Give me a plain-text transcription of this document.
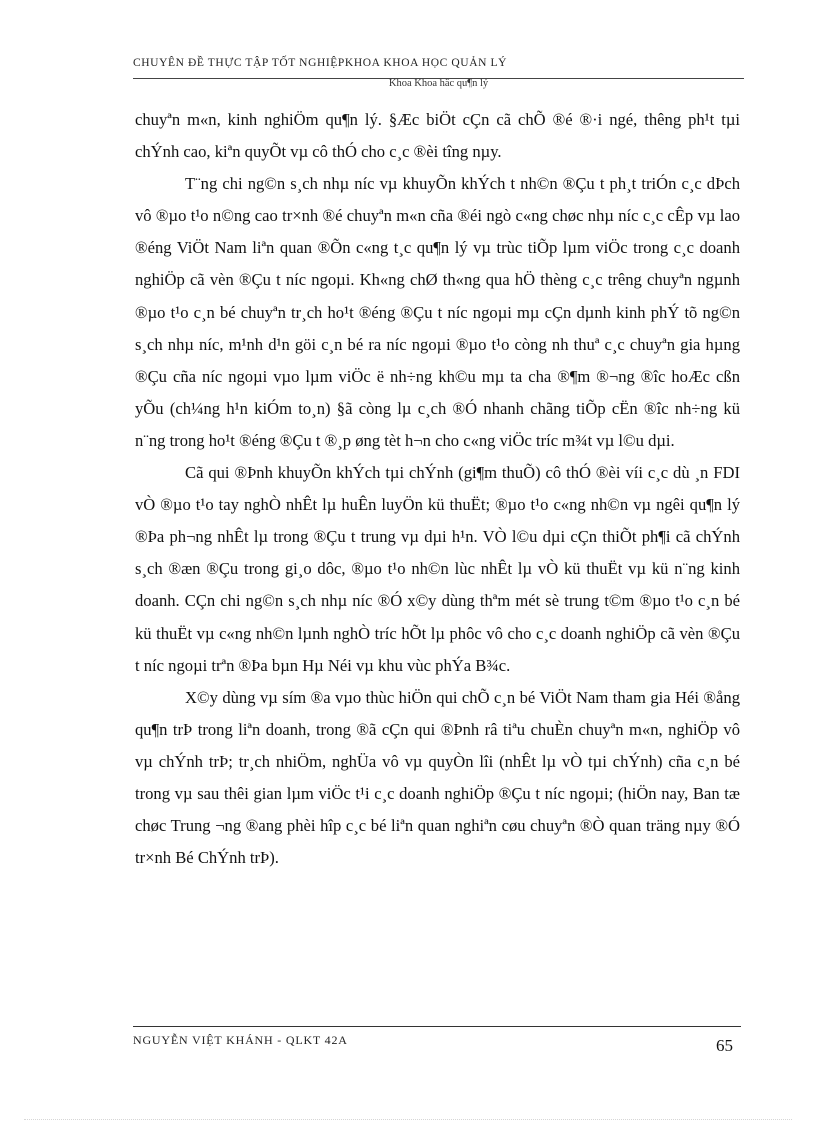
CHUYÊN ĐỀ THỰC TẬP TỐT NGHIỆPKHOA KHOA HỌC QUẢN LÝ
Khoa Khoa häc qu¶n lý

chuyªn m«n, kinh nghiÖm qu¶n lý. §Æc biÖt cÇn cã chÕ ®é ®·i ngé, thêng ph¹t tµi chÝnh cao, kiªn quyÕt vµ cô thÓ cho c¸c ®èi tîng nµy.

T¨ng chi ng©n s¸ch nhµ níc vµ khuyÕn khÝch t nh©n ®Çu t ph¸t triÓn c¸c dÞch vô ®µo t¹o n©ng cao tr×nh ®é chuyªn m«n cña ®éi ngò c«ng chøc nhµ níc c¸c cÊp vµ lao ®éng ViÖt Nam liªn quan ®Õn c«ng t¸c qu¶n lý vµ trùc tiÕp lµm viÖc trong c¸c doanh nghiÖp cã vèn ®Çu t níc ngoµi. Kh«ng chØ th«ng qua hÖ thèng c¸c trêng chuyªn ngµnh ®µo t¹o c¸n bé chuyªn tr¸ch ho¹t ®éng ®Çu t níc ngoµi mµ cÇn dµnh kinh phÝ tõ ng©n s¸ch nhµ níc, m¹nh d¹n göi c¸n bé ra níc ngoµi ®µo t¹o còng nh thuª c¸c chuyªn gia hµng ®Çu cña níc ngoµi vµo lµm viÖc ë nh÷ng kh©u mµ ta cha ®¶m ®¬ng ®îc hoÆc cßn yÕu (ch¼ng h¹n kiÓm to¸n) §ã còng lµ c¸ch ®Ó nhanh chãng tiÕp cËn ®îc nh÷ng kü n¨ng trong ho¹t ®éng ®Çu t ®¸p øng tèt h¬n cho c«ng viÖc tríc m¾t vµ l©u dµi.

Cã qui ®Þnh khuyÕn khÝch tµi chÝnh (gi¶m thuÕ) cô thÓ ®èi víi c¸c dù ¸n FDI vÒ ®µo t¹o tay nghÒ nhÊt lµ huÊn luyÖn kü thuËt; ®µo t¹o c«ng nh©n vµ ngêi qu¶n lý ®Þa ph¬ng nhÊt lµ trong ®Çu t trung vµ dµi h¹n. VÒ l©u dµi cÇn thiÕt ph¶i cã chÝnh s¸ch ®æn ®Çu trong gi¸o dôc, ®µo t¹o nh©n lùc nhÊt lµ vÒ kü thuËt vµ kü n¨ng kinh doanh. CÇn chi ng©n s¸ch nhµ níc ®Ó x©y dùng thªm mét sè trung t©m ®µo t¹o c¸n bé kü thuËt vµ c«ng nh©n lµnh nghÒ tríc hÕt lµ phôc vô cho c¸c doanh nghiÖp cã vèn ®Çu t níc ngoµi trªn ®Þa bµn Hµ Néi vµ khu vùc phÝa B¾c.

X©y dùng vµ sím ®a vµo thùc hiÖn qui chÕ c¸n bé ViÖt Nam tham gia Héi ®ång qu¶n trÞ trong liªn doanh, trong ®ã cÇn qui ®Þnh râ tiªu chuÈn chuyªn m«n, nghiÖp vô vµ chÝnh trÞ; tr¸ch nhiÖm, nghÜa vô vµ quyÒn lîi (nhÊt lµ vÒ tµi chÝnh) cña c¸n bé trong vµ sau thêi gian lµm viÖc t¹i c¸c doanh nghiÖp ®Çu t níc ngoµi; (hiÖn nay, Ban tæ chøc Trung ¬ng ®ang phèi hîp c¸c bé liªn quan nghiªn cøu chuyªn ®Ò quan träng nµy ®Ó tr×nh Bé ChÝnh trÞ).

NGUYỄN VIỆT KHÁNH - QLKT 42A	65
